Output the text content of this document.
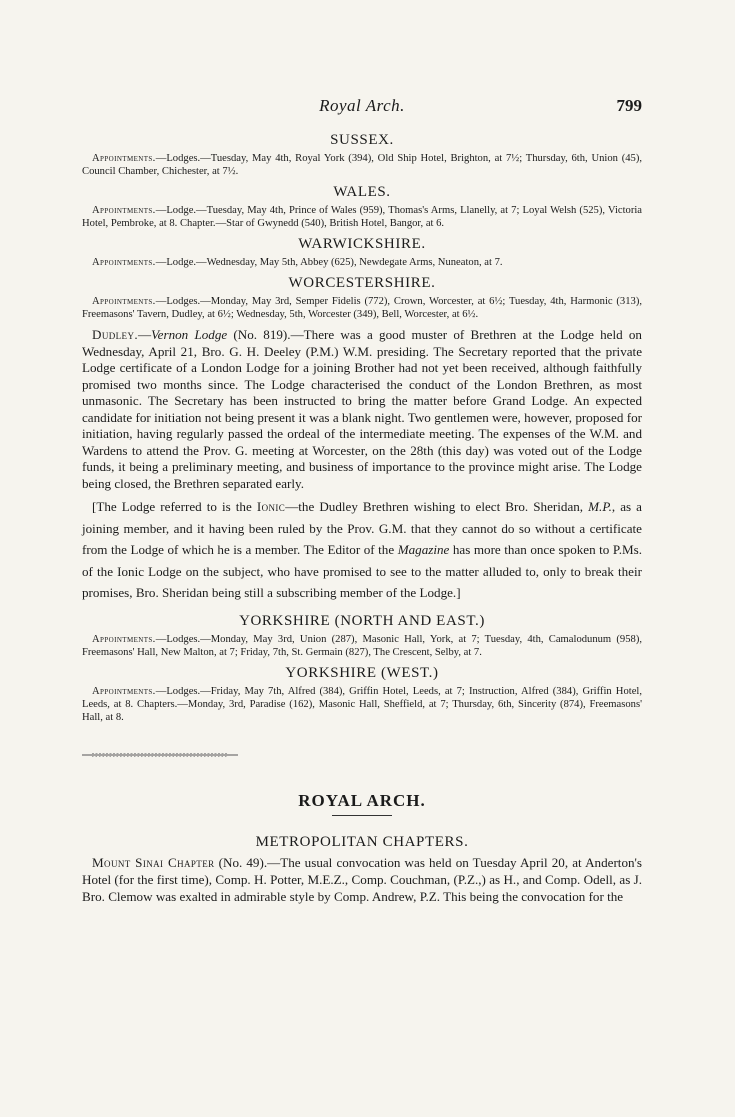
Royal Arch.	799
SUSSEX.

Appointments.—Lodges.—Tuesday, May 4th, Royal York (394), Old Ship Hotel, Brighton, at 7½; Thursday, 6th, Union (45), Council Chamber, Chichester, at 7½.

WALES.

Appointments.—Lodge.—Tuesday, May 4th, Prince of Wales (959), Thomas's Arms, Llanelly, at 7; Loyal Welsh (525), Victoria Hotel, Pembroke, at 8. Chapter.—Star of Gwynedd (540), British Hotel, Bangor, at 6.

WARWICKSHIRE.

Appointments.—Lodge.—Wednesday, May 5th, Abbey (625), Newdegate Arms, Nuneaton, at 7.

WORCESTERSHIRE.

Appointments.—Lodges.—Monday, May 3rd, Semper Fidelis (772), Crown, Worcester, at 6½; Tuesday, 4th, Harmonic (313), Freemasons' Tavern, Dudley, at 6½; Wednesday, 5th, Worcester (349), Bell, Worcester, at 6½.

Dudley.—Vernon Lodge (No. 819).—There was a good muster of Brethren at the Lodge held on Wednesday, April 21, Bro. G. H. Deeley (P.M.) W.M. presiding. The Secretary reported that the private Lodge certificate of a London Lodge for a joining Brother had not yet been received, although faithfully promised two months since. The Lodge characterised the conduct of the London Brethren, as most unmasonic. The Secretary has been instructed to bring the matter before Grand Lodge. An expected candidate for initiation not being present it was a blank night. Two gentlemen were, however, proposed for initiation, having regularly passed the ordeal of the intermediate meeting. The expenses of the W.M. and Wardens to attend the Prov. G. meeting at Worcester, on the 28th (this day) was voted out of the Lodge funds, it being a preliminary meeting, and business of importance to the province might arise. The Lodge being closed, the Brethren separated early.

[The Lodge referred to is the Ionic—the Dudley Brethren wishing to elect Bro. Sheridan, M.P., as a joining member, and it having been ruled by the Prov. G.M. that they cannot do so without a certificate from the Lodge of which he is a member. The Editor of the Magazine has more than once spoken to P.Ms. of the Ionic Lodge on the subject, who have promised to see to the matter alluded to, only to break their promises, Bro. Sheridan being still a subscribing member of the Lodge.]

YORKSHIRE (NORTH AND EAST.)

Appointments.—Lodges.—Monday, May 3rd, Union (287), Masonic Hall, York, at 7; Tuesday, 4th, Camalodunum (958), Freemasons' Hall, New Malton, at 7; Friday, 7th, St. Germain (827), The Crescent, Selby, at 7.

YORKSHIRE (WEST.)

Appointments.—Lodges.—Friday, May 7th, Alfred (384), Griffin Hotel, Leeds, at 7; Instruction, Alfred (384), Griffin Hotel, Leeds, at 8. Chapters.—Monday, 3rd, Paradise (162), Masonic Hall, Sheffield, at 7; Thursday, 6th, Sincerity (874), Freemasons' Hall, at 8.

ROYAL ARCH.
METROPOLITAN CHAPTERS.

Mount Sinai Chapter (No. 49).—The usual convocation was held on Tuesday April 20, at Anderton's Hotel (for the first time), Comp. H. Potter, M.E.Z., Comp. Couchman, (P.Z.,) as H., and Comp. Odell, as J. Bro. Clemow was exalted in admirable style by Comp. Andrew, P.Z. This being the convocation for the
